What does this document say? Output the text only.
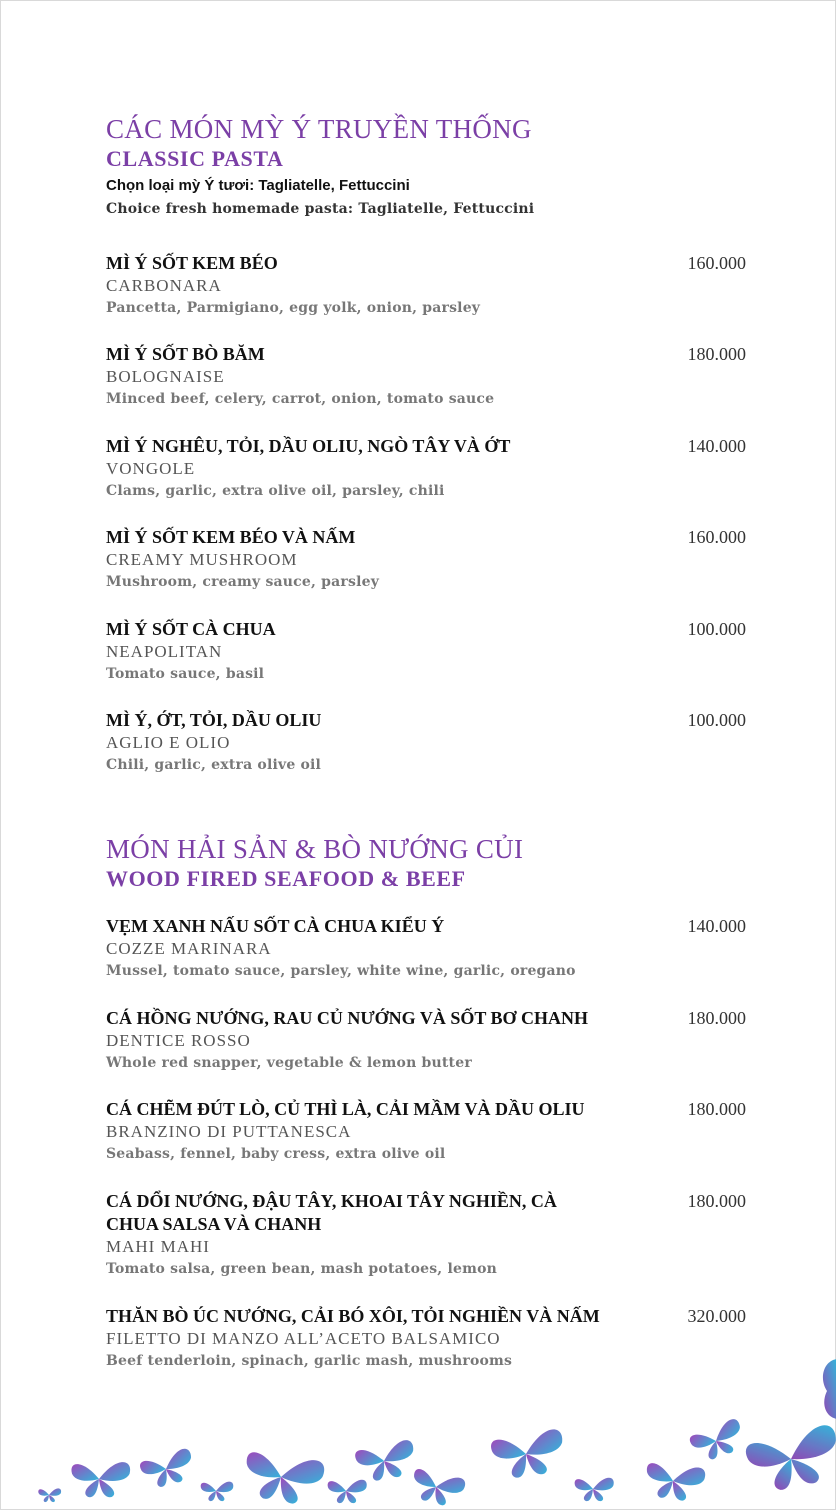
CÁC MÓN MỲ Ý TRUYỀN THỐNG
CLASSIC PASTA
Chọn loại mỳ Ý tươi: Tagliatelle, Fettuccini
Choice fresh homemade pasta: Tagliatelle, Fettuccini
MÌ Ý SỐT KEM BÉO
CARBONARA
Pancetta, Parmigiano, egg yolk, onion, parsley
160.000
MÌ Ý SỐT BÒ BĂM
BOLOGNAISE
Minced beef, celery, carrot, onion, tomato sauce
180.000
MÌ Ý NGHÊU, TỎI, DẦU OLIU, NGÒ TÂY VÀ ỚT
VONGOLE
Clams, garlic, extra olive oil, parsley, chili
140.000
MÌ Ý SỐT KEM BÉO VÀ NẤM
CREAMY MUSHROOM
Mushroom, creamy sauce, parsley
160.000
MÌ Ý SỐT CÀ CHUA
NEAPOLITAN
Tomato sauce, basil
100.000
MÌ Ý, ỚT, TỎI, DẦU OLIU
AGLIO E OLIO
Chili, garlic, extra olive oil
100.000
MÓN HẢI SẢN & BÒ NƯỚNG CỦI
WOOD FIRED SEAFOOD & BEEF
VẸM XANH NẤU SỐT CÀ CHUA KIỂU Ý
COZZE MARINARA
Mussel, tomato sauce, parsley, white wine, garlic, oregano
140.000
CÁ HỒNG NƯỚNG, RAU CỦ NƯỚNG VÀ SỐT BƠ CHANH
DENTICE ROSSO
Whole red snapper, vegetable & lemon butter
180.000
CÁ CHẼM ĐÚT LÒ, CỦ THÌ LÀ, CẢI MẦM VÀ DẦU OLIU
BRANZINO DI PUTTANESCA
Seabass, fennel, baby cress, extra olive oil
180.000
CÁ DỔI NƯỚNG, ĐẬU TÂY, KHOAI TÂY NGHIỀN, CÀ CHUA SALSA VÀ CHANH
MAHI MAHI
Tomato salsa, green bean, mash potatoes, lemon
180.000
THĂN BÒ ÚC NƯỚNG, CẢI BÓ XÔI, TỎI NGHIỀN VÀ NẤM
FILETTO DI MANZO ALL’ACETO BALSAMICO
Beef tenderloin, spinach, garlic mash, mushrooms
320.000
